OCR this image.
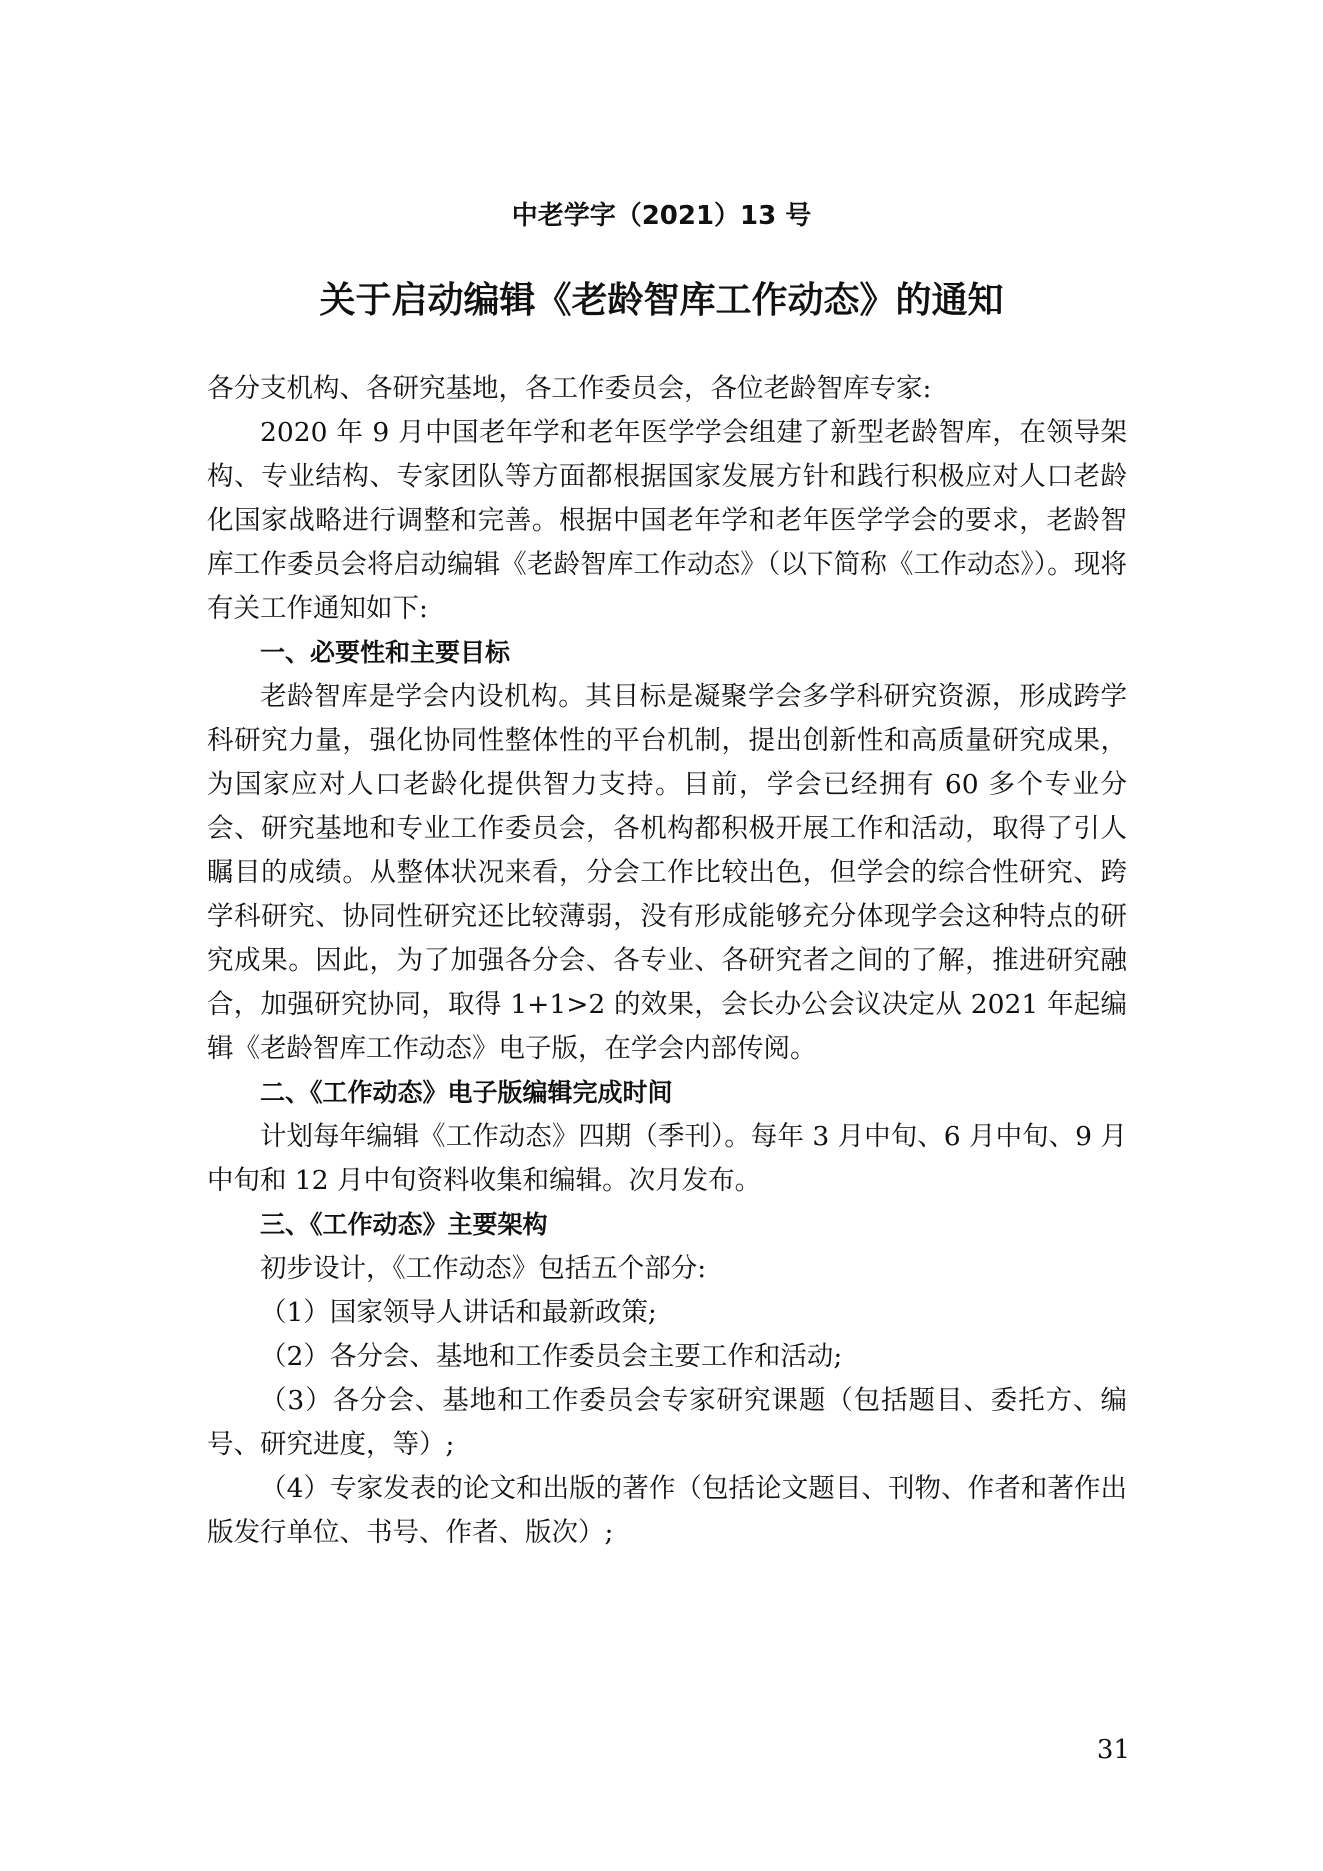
中老学字（2021）13 号
关于启动编辑《老龄智库工作动态》的通知

各分支机构、各研究基地，各工作委员会，各位老龄智库专家:

2020 年 9 月中国老年学和老年医学学会组建了新型老龄智库，在领导架构、专业结构、专家团队等方面都根据国家发展方针和践行积极应对人口老龄化国家战略进行调整和完善。根据中国老年学和老年医学学会的要求，老龄智库工作委员会将启动编辑《老龄智库工作动态》（以下简称《工作动态》）。现将有关工作通知如下:

一、必要性和主要目标

老龄智库是学会内设机构。其目标是凝聚学会多学科研究资源，形成跨学科研究力量，强化协同性整体性的平台机制，提出创新性和高质量研究成果，为国家应对人口老龄化提供智力支持。目前，学会已经拥有 60 多个专业分会、研究基地和专业工作委员会，各机构都积极开展工作和活动，取得了引人瞩目的成绩。从整体状况来看，分会工作比较出色，但学会的综合性研究、跨学科研究、协同性研究还比较薄弱，没有形成能够充分体现学会这种特点的研究成果。因此，为了加强各分会、各专业、各研究者之间的了解，推进研究融合，加强研究协同，取得 1+1>2 的效果，会长办公会议决定从 2021 年起编辑《老龄智库工作动态》电子版，在学会内部传阅。

二、《工作动态》电子版编辑完成时间

计划每年编辑《工作动态》四期（季刊）。每年 3 月中旬、6 月中旬、9 月中旬和 12 月中旬资料收集和编辑。次月发布。

三、《工作动态》主要架构

初步设计，《工作动态》包括五个部分:

（1）国家领导人讲话和最新政策;

（2）各分会、基地和工作委员会主要工作和活动;

（3）各分会、基地和工作委员会专家研究课题（包括题目、委托方、编号、研究进度，等）;

（4）专家发表的论文和出版的著作（包括论文题目、刊物、作者和著作出版发行单位、书号、作者、版次）;

31
